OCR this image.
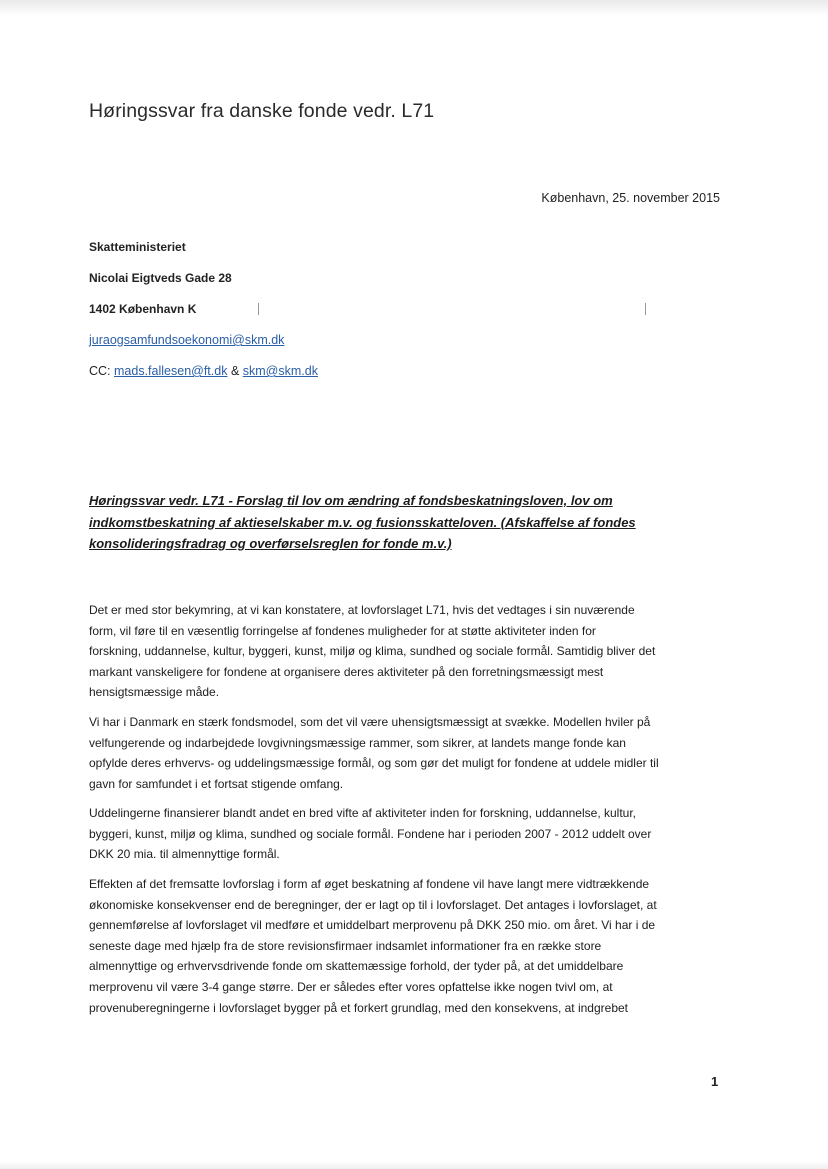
Høringssvar fra danske fonde vedr. L71
København, 25. november 2015
Skatteministeriet
Nicolai Eigtveds Gade 28
1402 København K
juraogsamfundsoekonomi@skm.dk
CC: mads.fallesen@ft.dk & skm@skm.dk
Høringssvar vedr. L71 - Forslag til lov om ændring af fondsbeskatningsloven, lov om
indkomstbeskatning af aktieselskaber m.v. og fusionsskatteloven. (Afskaffelse af fondes
konsolideringsfradrag og overførselsreglen for fonde m.v.)
Det er med stor bekymring, at vi kan konstatere, at lovforslaget L71, hvis det vedtages i sin nuværende
form, vil føre til en væsentlig forringelse af fondenes muligheder for at støtte aktiviteter inden for
forskning, uddannelse, kultur, byggeri, kunst, miljø og klima, sundhed og sociale formål. Samtidig bliver det
markant vanskeligere for fondene at organisere deres aktiviteter på den forretningsmæssigt mest
hensigtsmæssige måde.
Vi har i Danmark en stærk fondsmodel, som det vil være uhensigtsmæssigt at svække. Modellen hviler på
velfungerende og indarbejdede lovgivningsmæssige rammer, som sikrer, at landets mange fonde kan
opfylde deres erhvervs- og uddelingsmæssige formål, og som gør det muligt for fondene at uddele midler til
gavn for samfundet i et fortsat stigende omfang.
Uddelingerne finansierer blandt andet en bred vifte af aktiviteter inden for forskning, uddannelse, kultur,
byggeri, kunst, miljø og klima, sundhed og sociale formål. Fondene har i perioden 2007 - 2012 uddelt over
DKK 20 mia. til almennyttige formål.
Effekten af det fremsatte lovforslag i form af øget beskatning af fondene vil have langt mere vidtrækkende
økonomiske konsekvenser end de beregninger, der er lagt op til i lovforslaget. Det antages i lovforslaget, at
gennemførelse af lovforslaget vil medføre et umiddelbart merprovenu på DKK 250 mio. om året. Vi har i de
seneste dage med hjælp fra de store revisionsfirmaer indsamlet informationer fra en række store
almennyttige og erhvervsdrivende fonde om skattemæssige forhold, der tyder på, at det umiddelbare
merprovenu vil være 3-4 gange større. Der er således efter vores opfattelse ikke nogen tvivl om, at
provenuberegningerne i lovforslaget bygger på et forkert grundlag, med den konsekvens, at indgrebet
1
